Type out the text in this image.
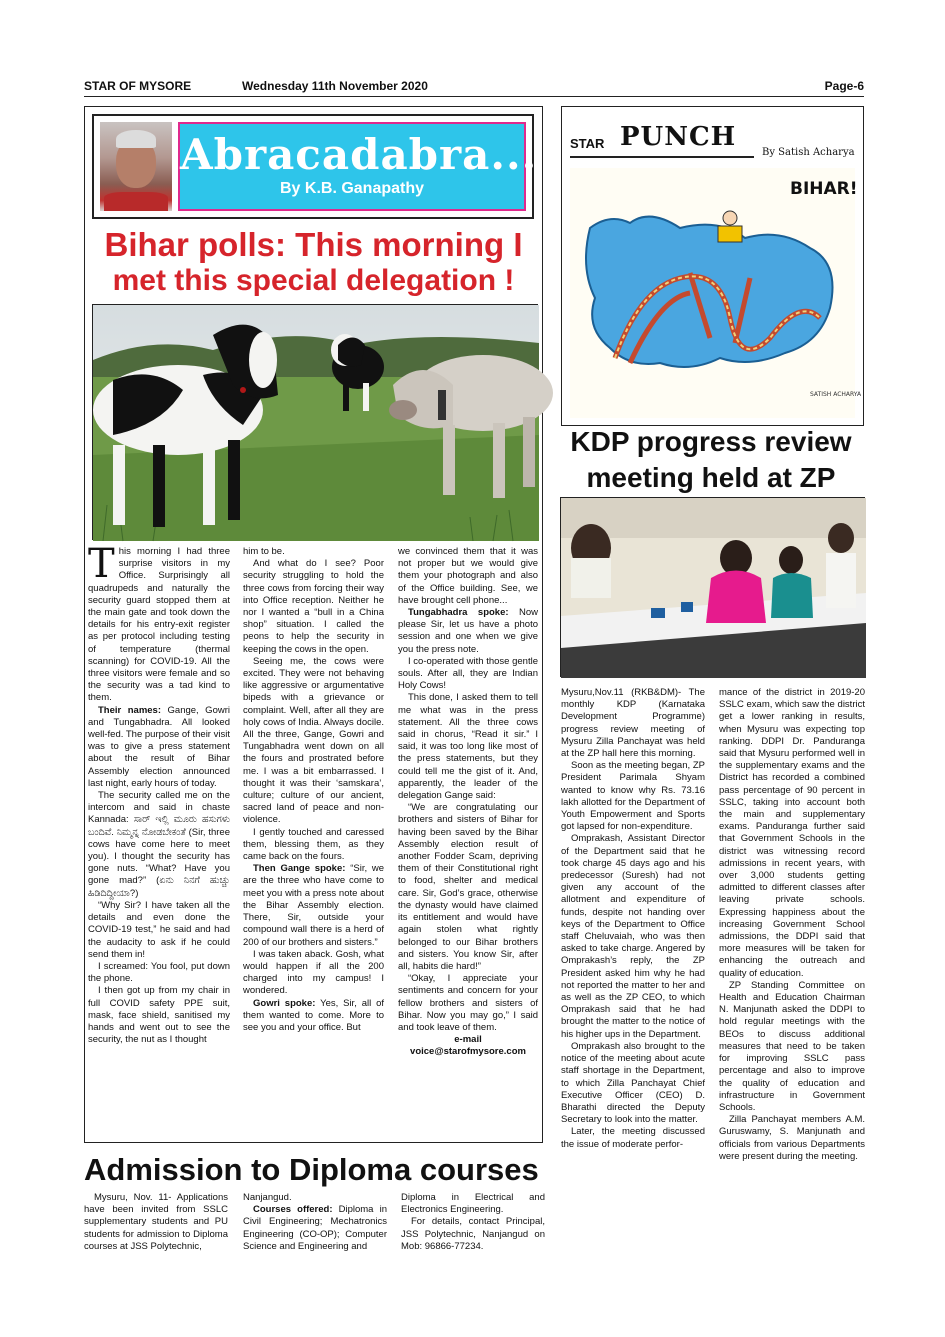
STAR OF MYSORE	Wednesday 11th November 2020	Page-6
Abracadabra...
By K.B. Ganapathy
Bihar polls: This morning I
met this special delegation !

This morning I had three surprise visitors in my Office. Surprisingly all quadrupeds and naturally the security guard stopped them at the main gate and took down the details for his entry-exit register as per protocol including testing of temperature (thermal scanning) for COVID-19. All the three visitors were female and so the security was a tad kind to them.

Their names: Gange, Gowri and Tungabhadra. All looked well-fed. The purpose of their visit was to give a press statement about the result of Bihar Assembly election announced last night, early hours of today.

The security called me on the intercom and said in chaste Kannada: ಸಾರ್ ಇಲ್ಲಿ ಮೂರು ಹಸುಗಳು ಬಂದಿವೆ. ನಿಮ್ಮನ್ನ ನೋಡಬೇಕಂತೆ (Sir, three cows have come here to meet you). I thought the security has gone nuts. “What? Have you gone mad?” (ಏನು ನಿನಗೆ ಹುಚ್ಚು ಹಿಡಿದಿದ್ದೀಯಾ?)

“Why Sir? I have taken all the details and even done the COVID-19 test,” he said and had the audacity to ask if he could send them in!

I screamed: You fool, put down the phone.

I then got up from my chair in full COVID safety PPE suit, mask, face shield, sanitised my hands and went out to see the security, the nut as I thought

him to be.

And what do I see? Poor security struggling to hold the three cows from forcing their way into Office reception. Neither he nor I wanted a “bull in a China shop” situation. I called the peons to help the security in keeping the cows in the open.

Seeing me, the cows were excited. They were not behaving like aggressive or argumentative bipeds with a grievance or complaint. Well, after all they are holy cows of India. Always docile. All the three, Gange, Gowri and Tungabhadra went down on all the fours and prostrated before me. I was a bit embarrassed. I thought it was their ‘samskara’, culture; culture of our ancient, sacred land of peace and non-violence.

I gently touched and caressed them, blessing them, as they came back on the fours.

Then Gange spoke: “Sir, we are the three who have come to meet you with a press note about the Bihar Assembly election. There, Sir, outside your compound wall there is a herd of 200 of our brothers and sisters.”

I was taken aback. Gosh, what would happen if all the 200 charged into my campus! I wondered.

Gowri spoke: Yes, Sir, all of them wanted to come. More to see you and your office. But

we convinced them that it was not proper but we would give them your photograph and also of the Office building. See, we have brought cell phone...

Tungabhadra spoke: Now please Sir, let us have a photo session and one when we give you the press note.

I co-operated with those gentle souls. After all, they are Indian Holy Cows!

This done, I asked them to tell me what was in the press statement. All the three cows said in chorus, “Read it sir.” I said, it was too long like most of the press statements, but they could tell me the gist of it. And, apparently, the leader of the delegation Gange said:

“We are congratulating our brothers and sisters of Bihar for having been saved by the Bihar Assembly election result of another Fodder Scam, depriving them of their Constitutional right to food, shelter and medical care. Sir, God’s grace, otherwise the dynasty would have claimed its entitlement and would have again stolen what rightly belonged to our Bihar brothers and sisters. You know Sir, after all, habits die hard!”

“Okay, I appreciate your sentiments and concern for your fellow brothers and sisters of Bihar. Now you may go,” I said and took leave of them.

e-mail

voice@starofmysore.com

Admission to Diploma courses

Mysuru, Nov. 11- Applications have been invited from SSLC supplementary students and PU students for admission to Diploma courses at JSS Polytechnic,

Nanjangud.

Courses offered: Diploma in Civil Engineering; Mechatronics Engineering (CO-OP); Computer Science and Engineering and

Diploma in Electrical and Electronics Engineering.

For details, contact Principal, JSS Polytechnic, Nanjangud on Mob: 96866-77234.

STAR PUNCH
By Satish Acharya
BIHAR!
SATISH ACHARYA
KDP progress review
meeting held at ZP

Mysuru,Nov.11 (RKB&DM)- The monthly KDP (Karnataka Development Programme) progress review meeting of Mysuru Zilla Panchayat was held at the ZP hall here this morning.

Soon as the meeting began, ZP President Parimala Shyam wanted to know why Rs. 73.16 lakh allotted for the Department of Youth Empowerment and Sports got lapsed for non-expenditure.

Omprakash, Assistant Director of the Department said that he took charge 45 days ago and his predecessor (Suresh) had not given any account of the allotment and expenditure of funds, despite not handing over keys of the Department to Office staff Cheluvaiah, who was then asked to take charge. Angered by Omprakash’s reply, the ZP President asked him why he had not reported the matter to her and as well as the ZP CEO, to which Omprakash said that he had brought the matter to the notice of his higher ups in the Department.

Omprakash also brought to the notice of the meeting about acute staff shortage in the Department, to which Zilla Panchayat Chief Executive Officer (CEO) D. Bharathi directed the Deputy Secretary to look into the matter.

Later, the meeting discussed the issue of moderate perfor-

mance of the district in 2019-20 SSLC exam, which saw the district get a lower ranking in results, when Mysuru was expecting top ranking. DDPI Dr. Panduranga said that Mysuru performed well in the supplementary exams and the District has recorded a combined pass percentage of 90 percent in SSLC, taking into account both the main and supplementary exams. Panduranga further said that Government Schools in the district was witnessing record admissions in recent years, with over 3,000 students getting admitted to different classes after leaving private schools. Expressing happiness about the increasing Government School admissions, the DDPI said that more measures will be taken for enhancing the outreach and quality of education.

ZP Standing Committee on Health and Education Chairman N. Manjunath asked the DDPI to hold regular meetings with the BEOs to discuss additional measures that need to be taken for improving SSLC pass percentage and also to improve the quality of education and infrastructure in Government Schools.

Zilla Panchayat members A.M. Guruswamy, S. Manjunath and officials from various Departments were present during the meeting.
